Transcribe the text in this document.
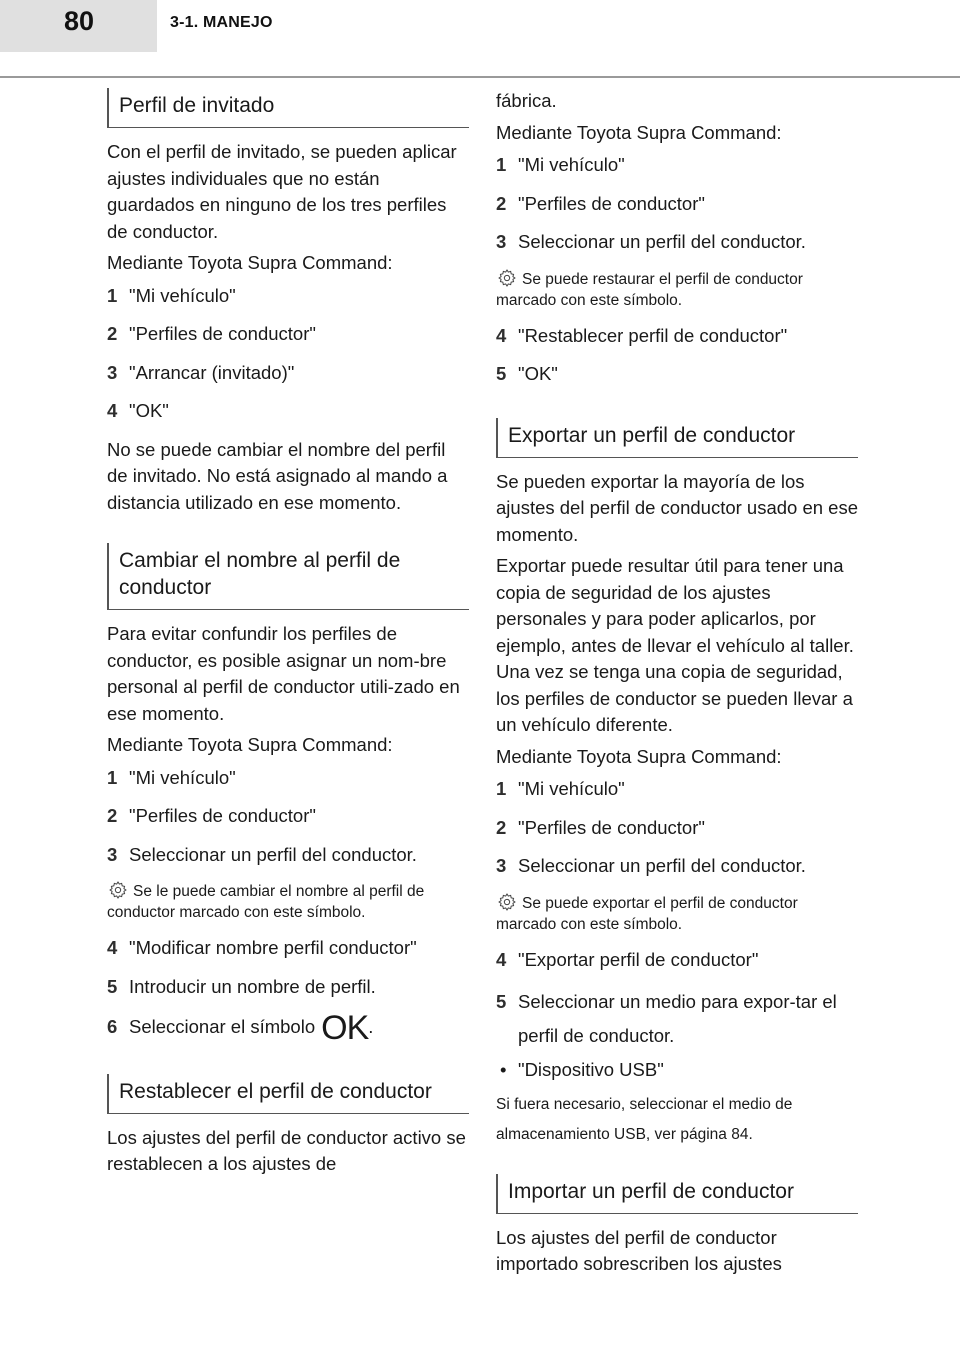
80	3-1. MANEJO
Perfil de invitado
Con el perfil de invitado, se pueden aplicar ajustes individuales que no están guardados en ninguno de los tres perfiles de conductor.
Mediante Toyota Supra Command:
1 "Mi vehículo"
2 "Perfiles de conductor"
3 "Arrancar (invitado)"
4 "OK"
No se puede cambiar el nombre del perfil de invitado. No está asignado al mando a distancia utilizado en ese momento.
Cambiar el nombre al perfil de conductor
Para evitar confundir los perfiles de conductor, es posible asignar un nom-bre personal al perfil de conductor utili-zado en ese momento.
Mediante Toyota Supra Command:
1 "Mi vehículo"
2 "Perfiles de conductor"
3 Seleccionar un perfil del conductor.
Se le puede cambiar el nombre al perfil de conductor marcado con este símbolo.
4 "Modificar nombre perfil conductor"
5 Introducir un nombre de perfil.
6 Seleccionar el símbolo OK.
Restablecer el perfil de conductor
Los ajustes del perfil de conductor activo se restablecen a los ajustes de
fábrica.
Mediante Toyota Supra Command:
1 "Mi vehículo"
2 "Perfiles de conductor"
3 Seleccionar un perfil del conductor.
Se puede restaurar el perfil de conductor marcado con este símbolo.
4 "Restablecer perfil de conductor"
5 "OK"
Exportar un perfil de conductor
Se pueden exportar la mayoría de los ajustes del perfil de conductor usado en ese momento.
Exportar puede resultar útil para tener una copia de seguridad de los ajustes personales y para poder aplicarlos, por ejemplo, antes de llevar el vehículo al taller. Una vez se tenga una copia de seguridad, los perfiles de conductor se pueden llevar a un vehículo diferente.
Mediante Toyota Supra Command:
1 "Mi vehículo"
2 "Perfiles de conductor"
3 Seleccionar un perfil del conductor.
Se puede exportar el perfil de conductor marcado con este símbolo.
4 "Exportar perfil de conductor"
5 Seleccionar un medio para expor-tar el perfil de conductor.
• "Dispositivo USB"
Si fuera necesario, seleccionar el medio de almacenamiento USB, ver página 84.
Importar un perfil de conductor
Los ajustes del perfil de conductor importado sobrescriben los ajustes
